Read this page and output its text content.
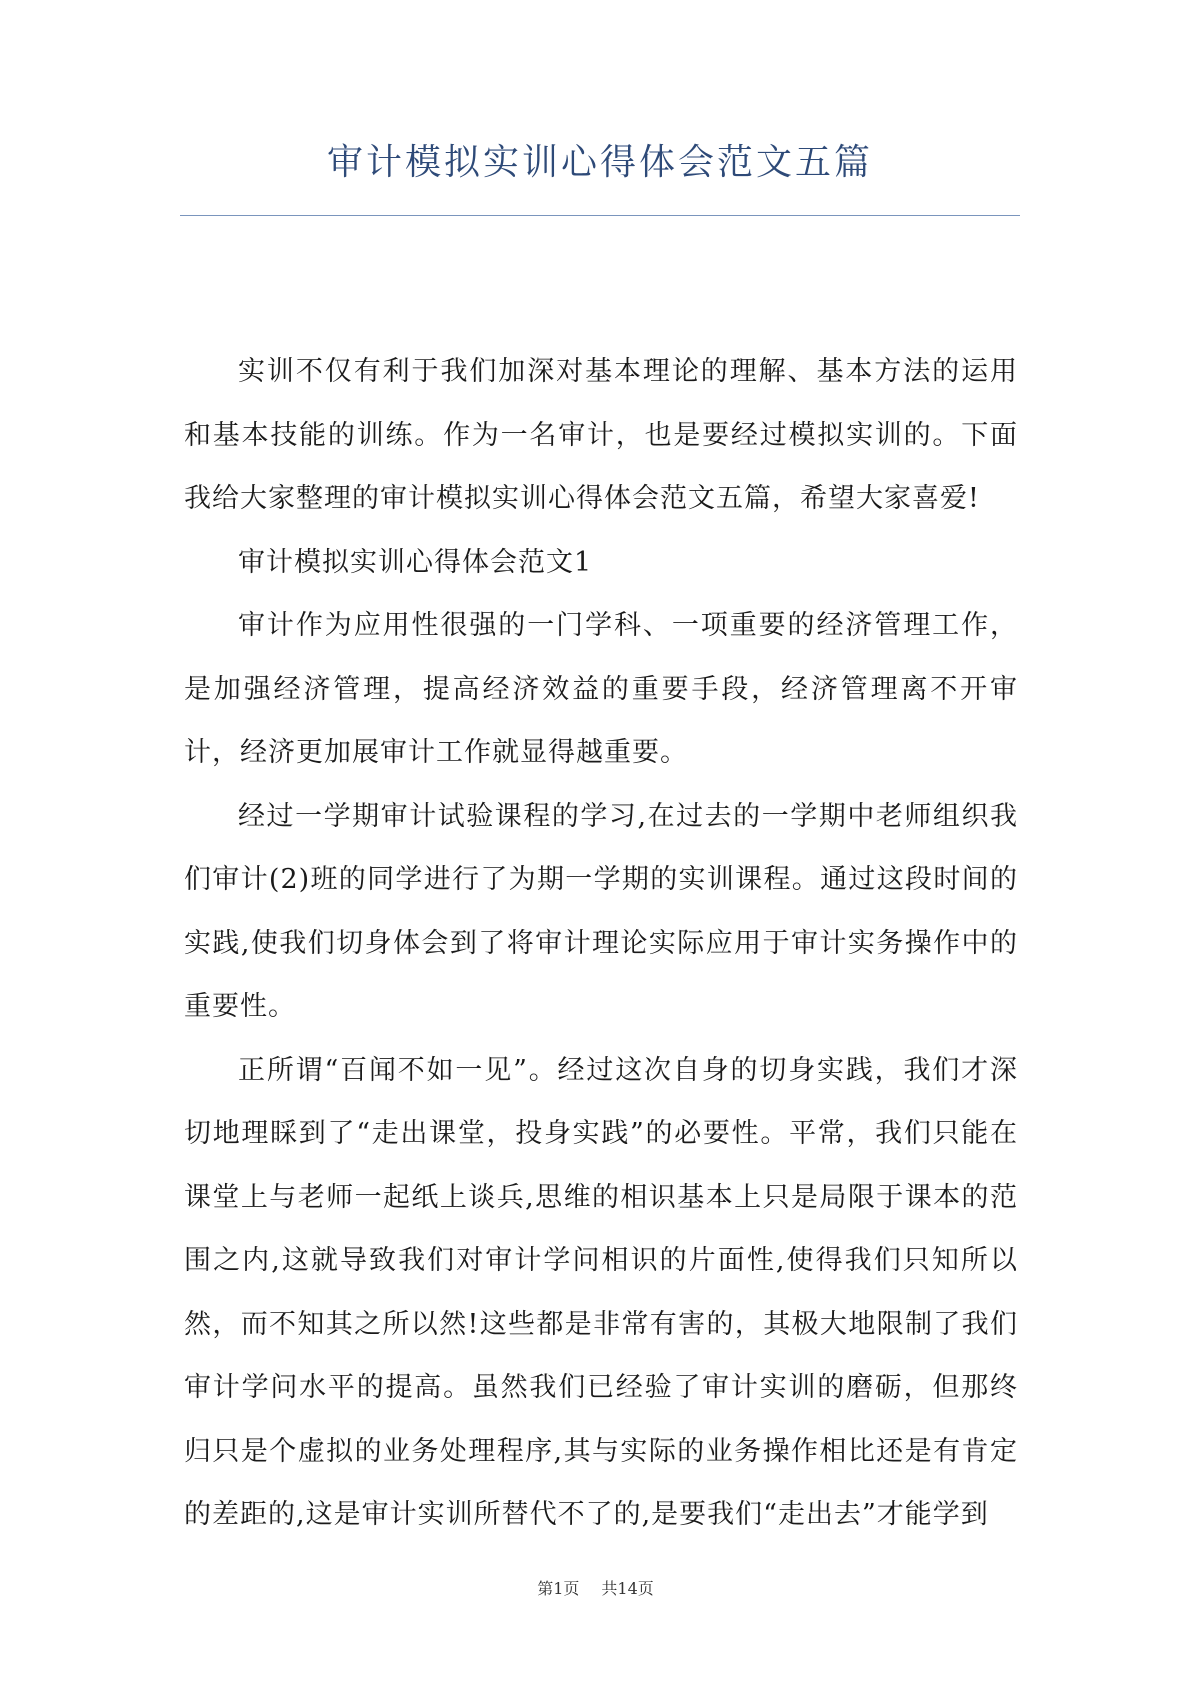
审计模拟实训心得体会范文五篇

实训不仅有利于我们加深对基本理论的理解、基本方法的运用和基本技能的训练。作为一名审计，也是要经过模拟实训的。下面我给大家整理的审计模拟实训心得体会范文五篇，希望大家喜爱!

审计模拟实训心得体会范文1

审计作为应用性很强的一门学科、一项重要的经济管理工作，是加强经济管理，提高经济效益的重要手段，经济管理离不开审计，经济更加展审计工作就显得越重要。

经过一学期审计试验课程的学习,在过去的一学期中老师组织我们审计(2)班的同学进行了为期一学期的实训课程。通过这段时间的实践,使我们切身体会到了将审计理论实际应用于审计实务操作中的重要性。

正所谓“百闻不如一见”。经过这次自身的切身实践，我们才深切地理睬到了“走出课堂，投身实践”的必要性。平常，我们只能在课堂上与老师一起纸上谈兵,思维的相识基本上只是局限于课本的范围之内,这就导致我们对审计学问相识的片面性,使得我们只知所以然，而不知其之所以然!这些都是非常有害的，其极大地限制了我们审计学问水平的提高。虽然我们已经验了审计实训的磨砺，但那终归只是个虚拟的业务处理程序,其与实际的业务操作相比还是有肯定的差距的,这是审计实训所替代不了的,是要我们“走出去”才能学到

第1页 共14页
